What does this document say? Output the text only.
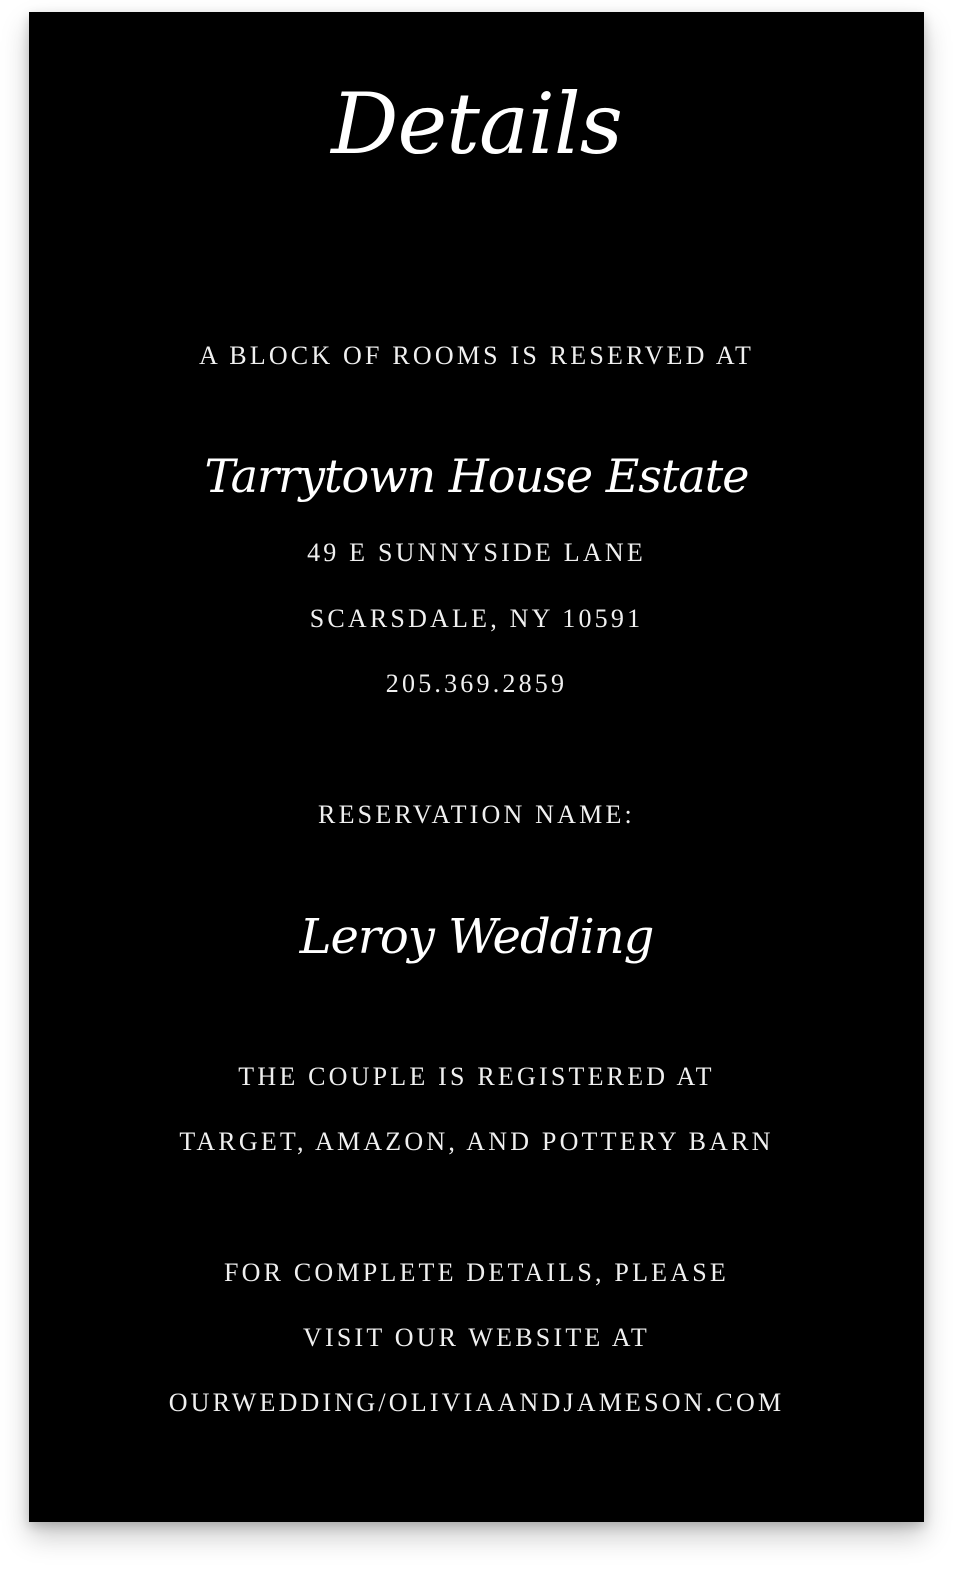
Details
A BLOCK OF ROOMS IS RESERVED AT
Tarrytown House Estate
49 E SUNNYSIDE LANE
SCARSDALE, NY 10591
205.369.2859
RESERVATION NAME:
Leroy Wedding
THE COUPLE IS REGISTERED AT
TARGET, AMAZON, AND POTTERY BARN
FOR COMPLETE DETAILS, PLEASE
VISIT OUR WEBSITE AT
OURWEDDING/OLIVIAANDJAMESON.COM
